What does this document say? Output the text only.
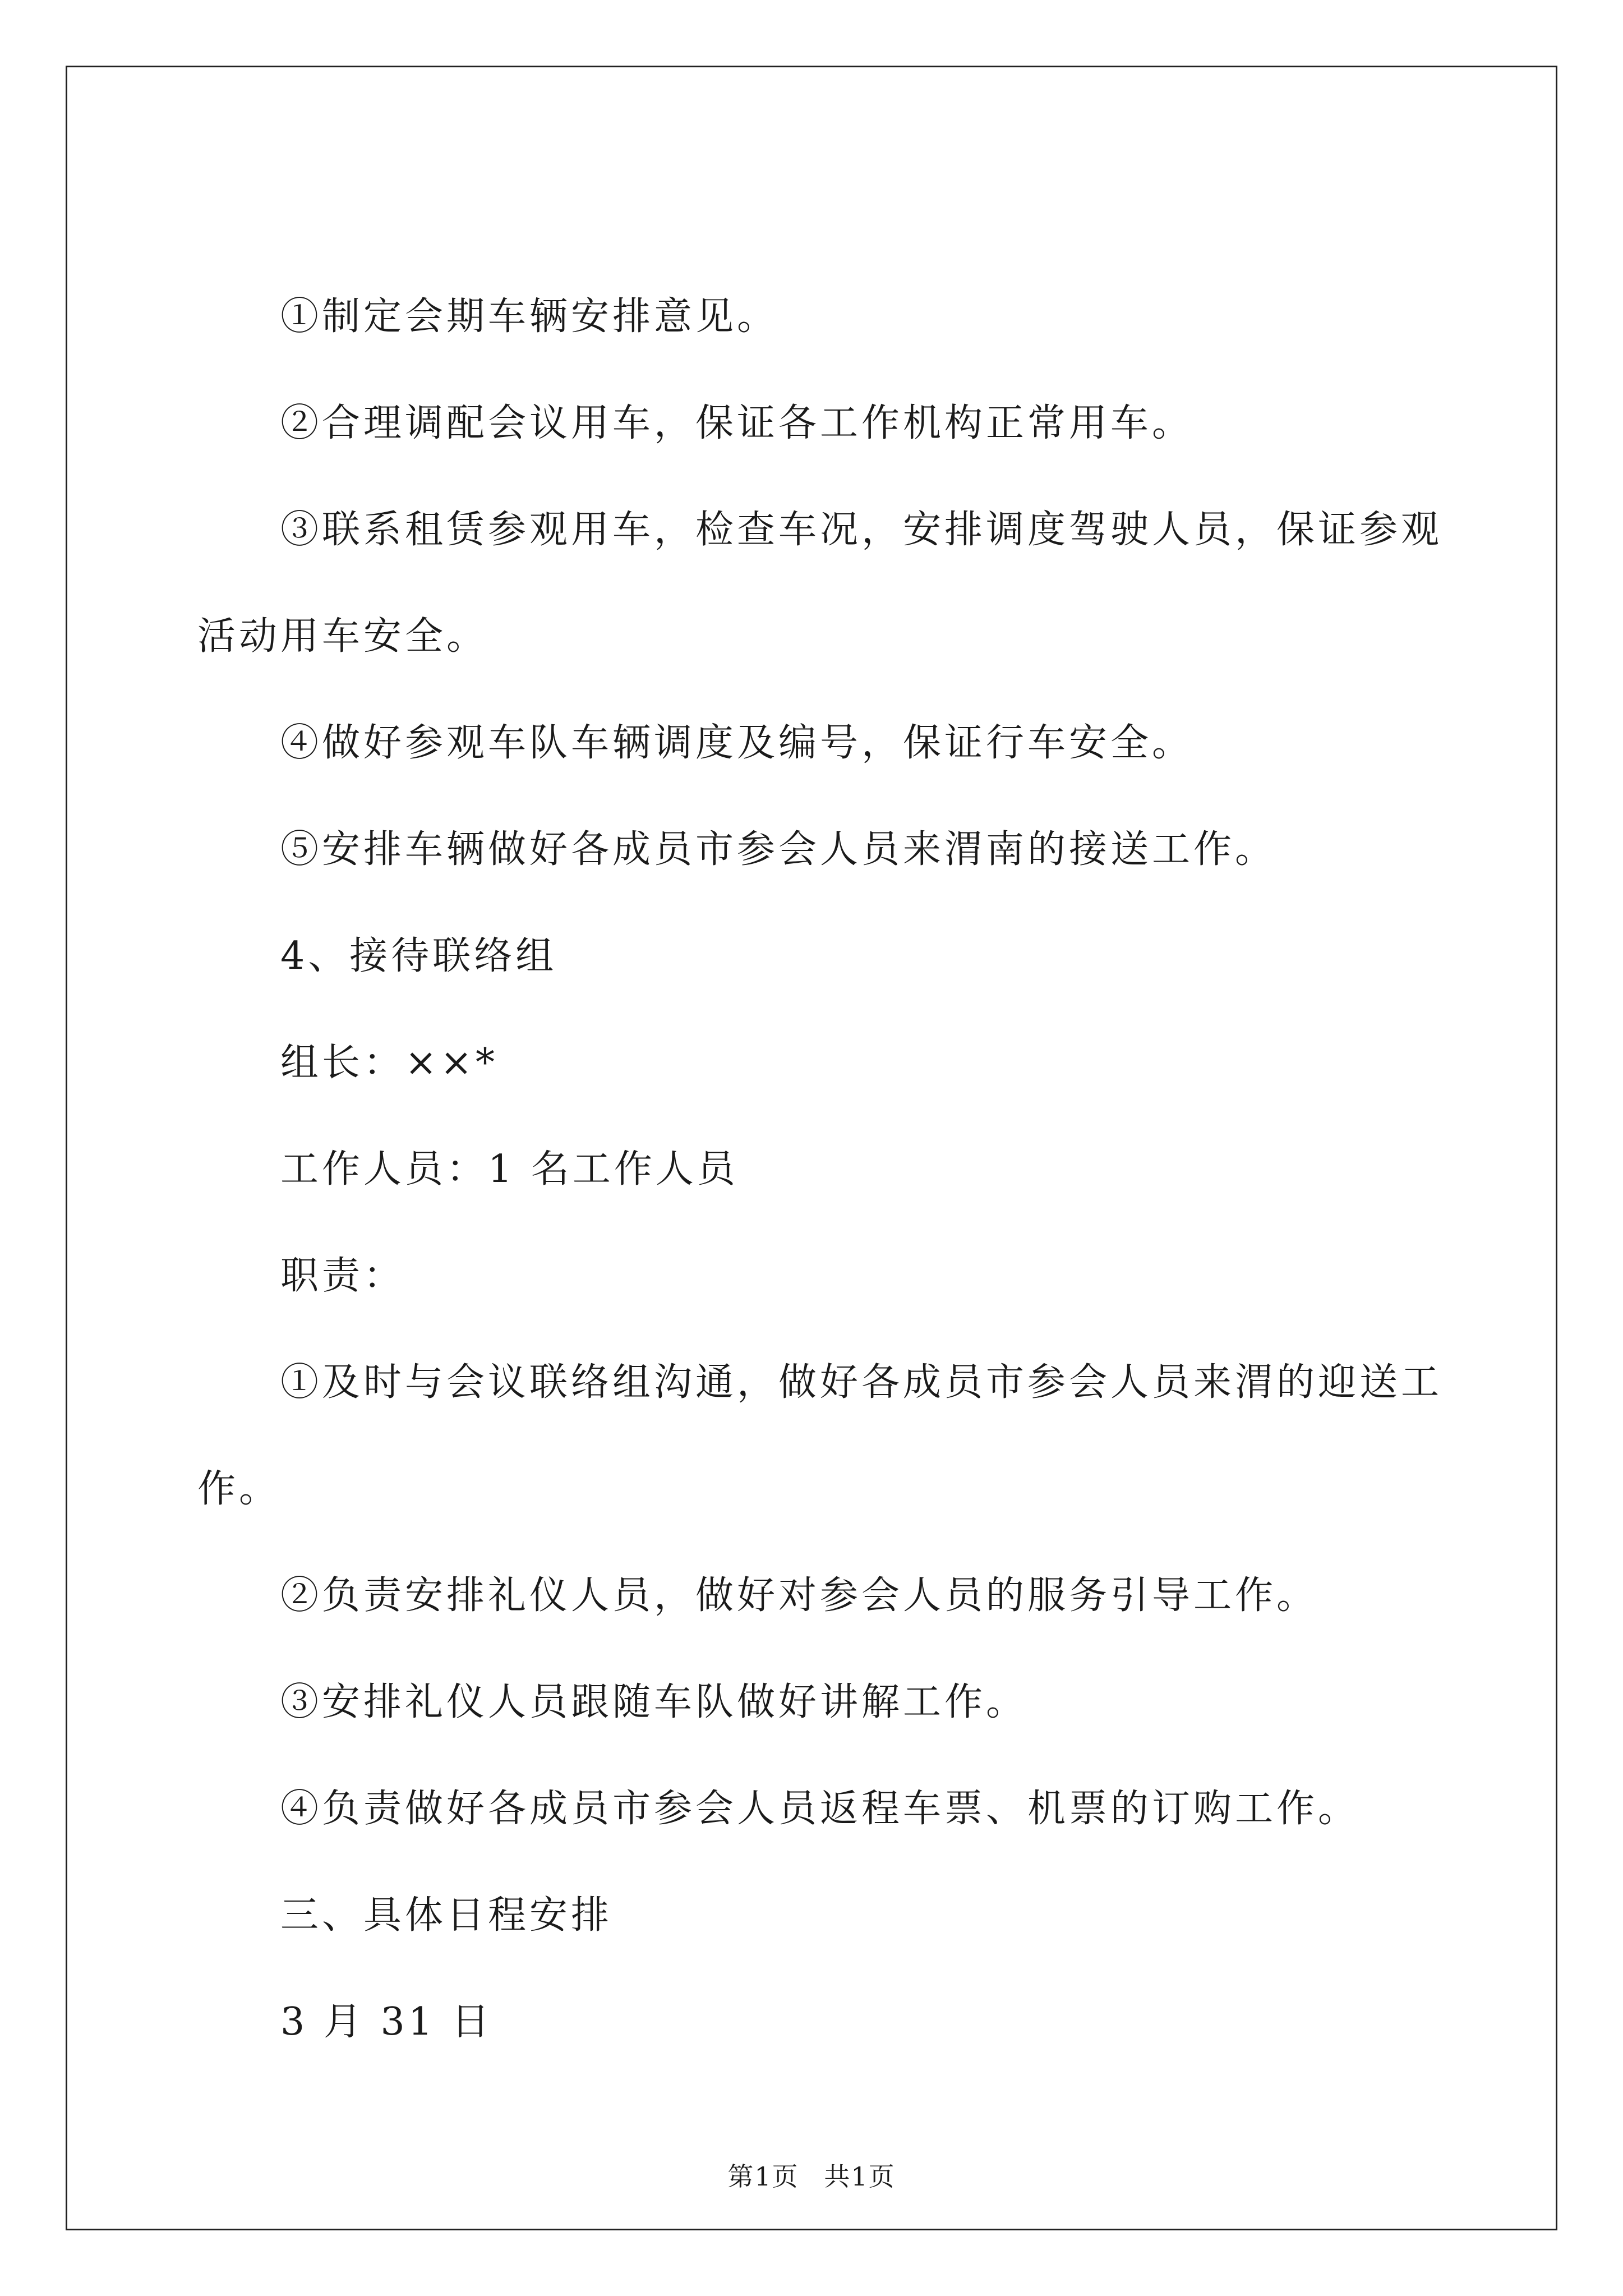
①制定会期车辆安排意见。
②合理调配会议用车，保证各工作机构正常用车。
③联系租赁参观用车，检查车况，安排调度驾驶人员，保证参观
活动用车安全。
④做好参观车队车辆调度及编号，保证行车安全。
⑤安排车辆做好各成员市参会人员来渭南的接送工作。
4、接待联络组
组长：××*
工作人员：1 名工作人员
职责：
①及时与会议联络组沟通，做好各成员市参会人员来渭的迎送工
作。
②负责安排礼仪人员，做好对参会人员的服务引导工作。
③安排礼仪人员跟随车队做好讲解工作。
④负责做好各成员市参会人员返程车票、机票的订购工作。
三、具体日程安排
3 月 31 日
第1页 共1页
